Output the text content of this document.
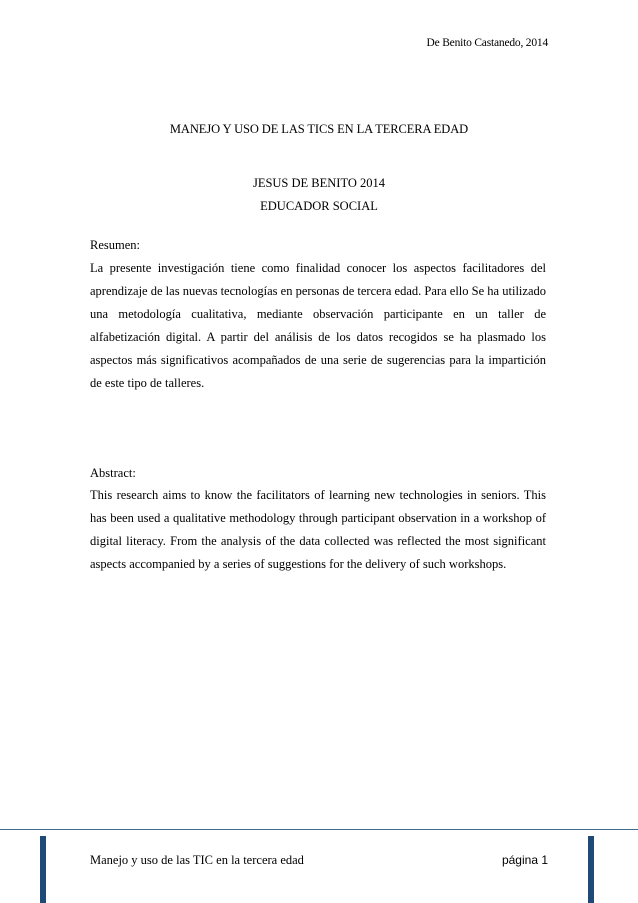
De Benito Castanedo, 2014
MANEJO Y USO DE LAS TICS EN LA TERCERA EDAD
JESUS DE BENITO 2014
EDUCADOR SOCIAL
Resumen:

La presente investigación tiene como finalidad conocer los aspectos facilitadores del aprendizaje de las nuevas tecnologías en personas de tercera edad. Para ello Se ha utilizado una metodología cualitativa, mediante observación participante en un taller de alfabetización digital. A partir del análisis de los datos recogidos se ha plasmado los aspectos más significativos acompañados de una serie de sugerencias para la impartición de este tipo de talleres.

Abstract:

This research aims to know the facilitators of learning new technologies in seniors. This has been used a qualitative methodology through participant observation in a workshop of digital literacy. From the analysis of the data collected was reflected the most significant aspects accompanied by a series of suggestions for the delivery of such workshops.

Manejo y uso de las TIC en la tercera edad	página 1
